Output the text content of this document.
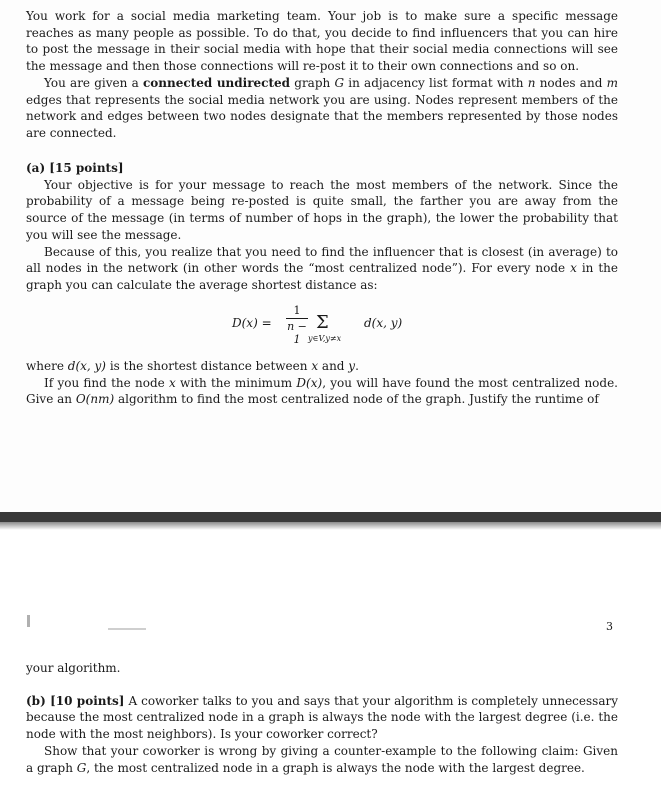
You work for a social media marketing team. Your job is to make sure a specific message reaches as many people as possible. To do that, you decide to find influencers that you can hire to post the message in their social media with hope that their social media connections will see the message and then those connections will re-post it to their own connections and so on.

You are given a connected undirected graph G in adjacency list format with n nodes and m edges that represents the social media network you are using. Nodes represent members of the network and edges between two nodes designate that the members represented by those nodes are connected.

(a) [15 points]

Your objective is for your message to reach the most members of the network. Since the probability of a message being re-posted is quite small, the farther you are away from the source of the message (in terms of number of hops in the graph), the lower the probability that you will see the message.

Because of this, you realize that you need to find the influencer that is closest (in average) to all nodes in the network (in other words the “most centralized node”). For every node x in the graph you can calculate the average shortest distance as:

D(x) =
1
n − 1
Σ
y∈V,y≠x
d(x, y)

where d(x, y) is the shortest distance between x and y.

If you find the node x with the minimum D(x), you will have found the most centralized node. Give an O(nm) algorithm to find the most centralized node of the graph. Justify the runtime of

3

your algorithm.

(b) [10 points] A coworker talks to you and says that your algorithm is completely unnecessary because the most centralized node in a graph is always the node with the largest degree (i.e. the node with the most neighbors). Is your coworker correct?

Show that your coworker is wrong by giving a counter-example to the following claim: Given a graph G, the most centralized node in a graph is always the node with the largest degree.
